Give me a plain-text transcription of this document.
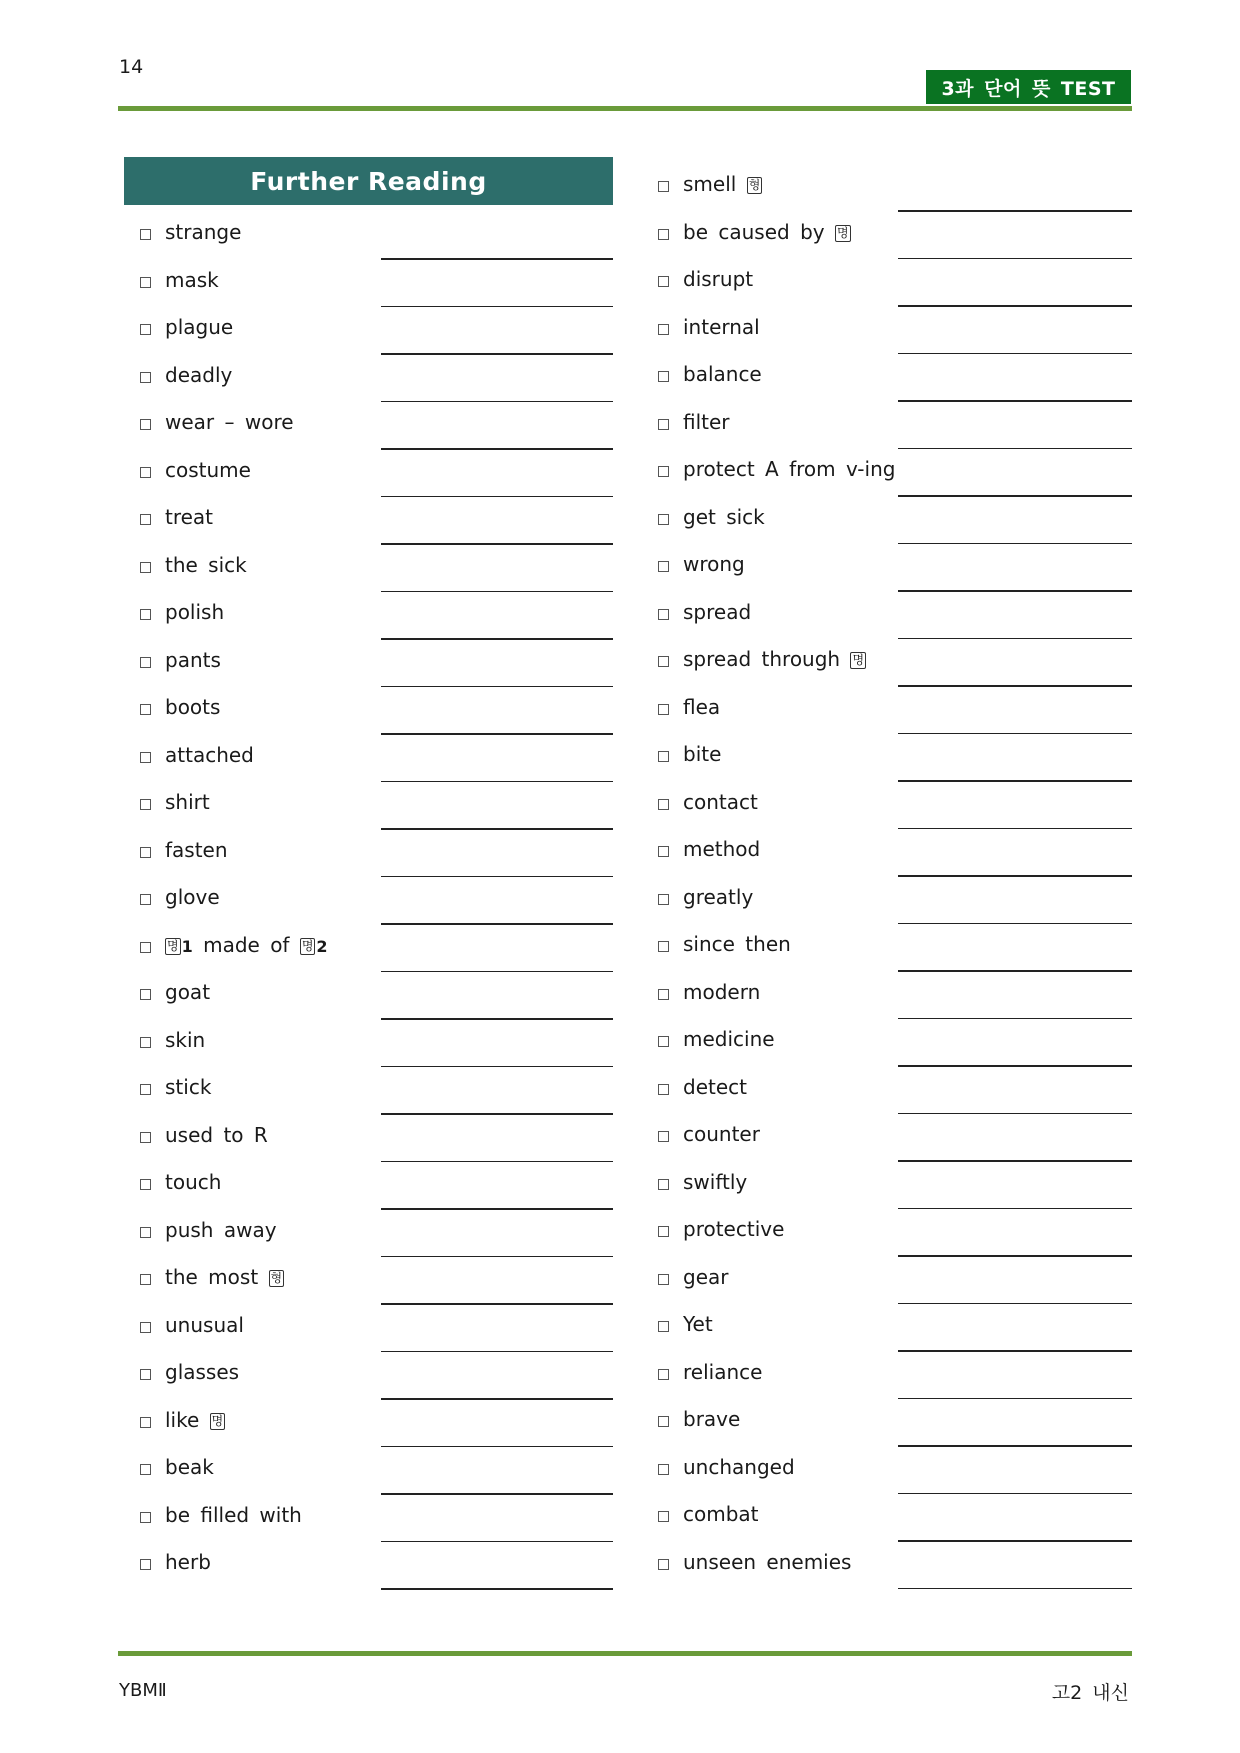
14
3과 단어 뜻 TEST
Further Reading
strange
mask
plague
deadly
wear – wore
costume
treat
the sick
polish
pants
boots
attached
shirt
fasten
glove
명 1 made of 명 2
goat
skin
stick
used to R
touch
push away
the most 형
unusual
glasses
like 명
beak
be filled with
herb
smell 형
be caused by 명
disrupt
internal
balance
filter
protect A from v-ing
get sick
wrong
spread
spread through 명
flea
bite
contact
method
greatly
since then
modern
medicine
detect
counter
swiftly
protective
gear
Yet
reliance
brave
unchanged
combat
unseen enemies
YBMⅡ	고2 내신
